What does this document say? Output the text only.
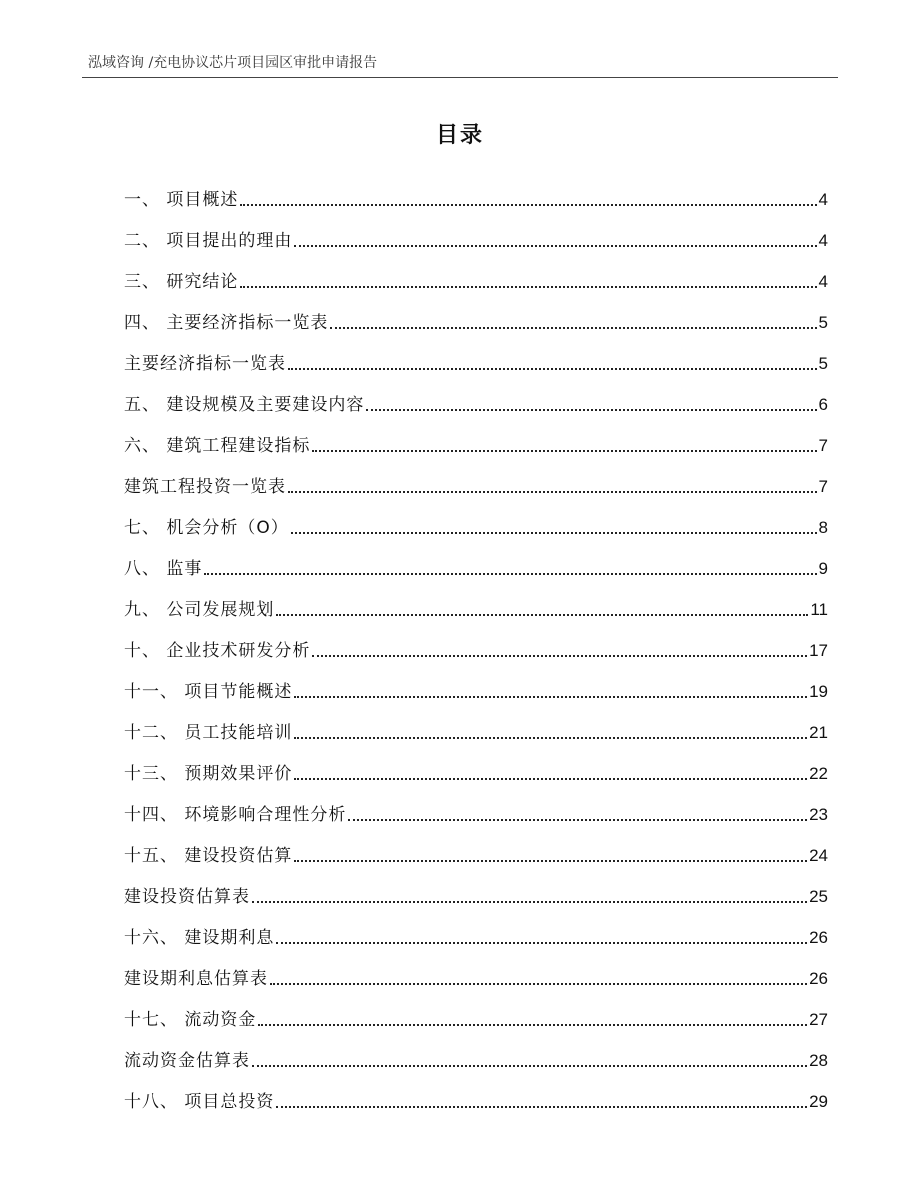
泓域咨询 /充电协议芯片项目园区审批申请报告
目录
一、 项目概述	4
二、 项目提出的理由	4
三、 研究结论	4
四、 主要经济指标一览表	5
主要经济指标一览表	5
五、 建设规模及主要建设内容	6
六、 建筑工程建设指标	7
建筑工程投资一览表	7
七、 机会分析（O）	8
八、 监事	9
九、 公司发展规划	11
十、 企业技术研发分析	17
十一、 项目节能概述	19
十二、 员工技能培训	21
十三、 预期效果评价	22
十四、 环境影响合理性分析	23
十五、 建设投资估算	24
建设投资估算表	25
十六、 建设期利息	26
建设期利息估算表	26
十七、 流动资金	27
流动资金估算表	28
十八、 项目总投资	29
